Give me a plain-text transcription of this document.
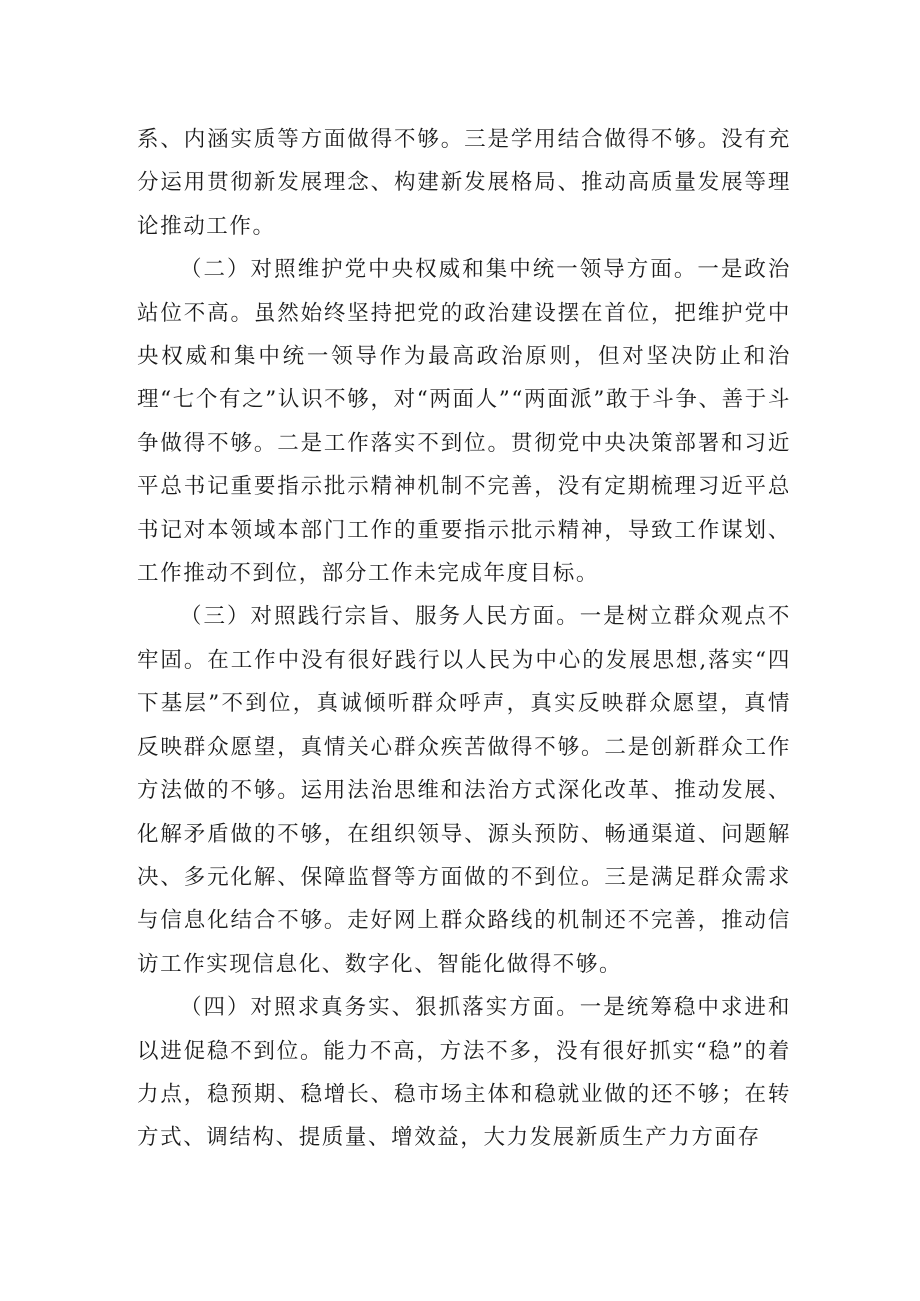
系、内涵实质等方面做得不够。三是学用结合做得不够。没有充分运用贯彻新发展理念、构建新发展格局、推动高质量发展等理论推动工作。

（二）对照维护党中央权威和集中统一领导方面。一是政治站位不高。虽然始终坚持把党的政治建设摆在首位，把维护党中央权威和集中统一领导作为最高政治原则，但对坚决防止和治理“七个有之”认识不够，对“两面人”“两面派”敢于斗争、善于斗争做得不够。二是工作落实不到位。贯彻党中央决策部署和习近平总书记重要指示批示精神机制不完善，没有定期梳理习近平总书记对本领域本部门工作的重要指示批示精神，导致工作谋划、工作推动不到位，部分工作未完成年度目标。

（三）对照践行宗旨、服务人民方面。一是树立群众观点不牢固。在工作中没有很好践行以人民为中心的发展思想,落实“四下基层”不到位，真诚倾听群众呼声，真实反映群众愿望，真情反映群众愿望，真情关心群众疾苦做得不够。二是创新群众工作方法做的不够。运用法治思维和法治方式深化改革、推动发展、化解矛盾做的不够，在组织领导、源头预防、畅通渠道、问题解决、多元化解、保障监督等方面做的不到位。三是满足群众需求与信息化结合不够。走好网上群众路线的机制还不完善，推动信访工作实现信息化、数字化、智能化做得不够。

（四）对照求真务实、狠抓落实方面。一是统筹稳中求进和以进促稳不到位。能力不高，方法不多，没有很好抓实“稳”的着力点，稳预期、稳增长、稳市场主体和稳就业做的还不够；在转方式、调结构、提质量、增效益，大力发展新质生产力方面存
